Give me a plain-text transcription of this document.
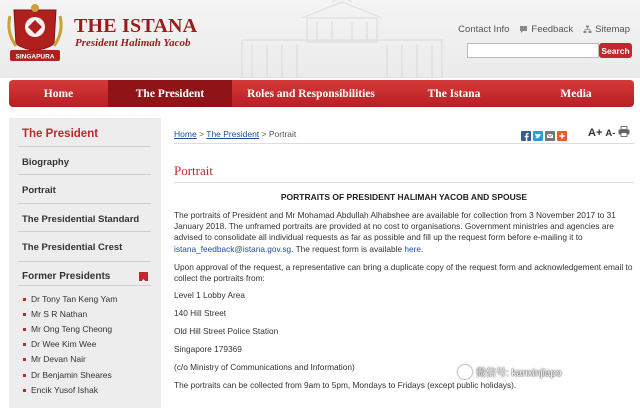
SINGAPURA
THE ISTANA
President Halimah Yacob
Contact Info Feedback Sitemap
Search
Home	The President	Roles and Responsibilities	The Istana	Media
The President
Biography
Portrait
The Presidential Standard
The Presidential Crest
Former Presidents
Dr Tony Tan Keng Yam
Mr S R Nathan
Mr Ong Teng Cheong
Dr Wee Kim Wee
Mr Devan Nair
Dr Benjamin Sheares
Encik Yusof Ishak
Home > The President > Portrait	A+ A-
Portrait
PORTRAITS OF PRESIDENT HALIMAH YACOB AND SPOUSE
The portraits of President and Mr Mohamad Abdullah Alhabshee are available for collection from 3 November 2017 to 31 January 2018. The unframed portraits are provided at no cost to organisations. Government ministries and agencies are advised to consolidate all individual requests as far as possible and fill up the request form before e-mailing it to istana_feedback@istana.gov.sg. The request form is available here.
Upon approval of the request, a representative can bring a duplicate copy of the request form and acknowledgement email to collect the portraits from:
Level 1 Lobby Area
140 Hill Street
Old Hill Street Police Station
Singapore 179369
(c/o Ministry of Communications and Information)
The portraits can be collected from 9am to 5pm, Mondays to Fridays (except public holidays).
微信号: kanxinjiapo
